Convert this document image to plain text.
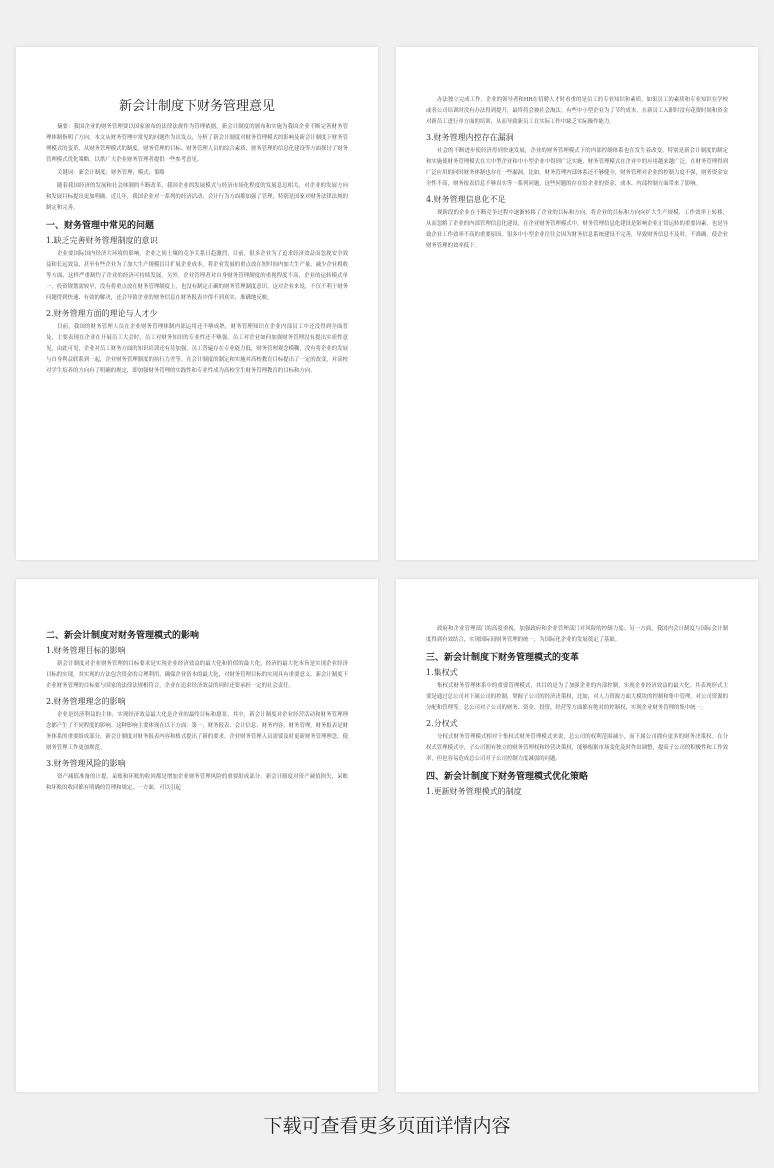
新会计制度下财务管理意见
摘要：我国企业的财务管理要以国家颁布的法律法规作为管理依据，新会计制度的颁布和实施为我国企业不断完善财务管理体制指明了方向。本文从财务管理中常见的问题作为出发点，分析了新会计制度对财务管理模式的影响及新会计制度下财务管理模式的变革，从财务管理模式的制度、财务管理的目标、财务管理人员的综合素质、财务管理的信息化建设等方面探讨了财务管理模式优化策略，以供广大企业财务管理者提供一些参考意见。
关键词：新会计制度；财务管理；模式；策略
随着我国经济的发展和社会体制的不断改革，我国企业的发展模式与经济市场化程度的发展息息相关，对企业的发展方向和发展目标提出更加明确。近几年，我国企业对一系列的经济活动、会计行为方面都加强了管理，特别是国家对财务法律法规的制定和完善。
一、财务管理中常见的问题
1.缺乏完善财务管理制度的意识
企业要国际国内经济大环境的影响，企业之间土壤的竞争关系日趋激烈，目前，很多企业为了追求经济效益而忽视安全效益和长远效益，甚至有些企业为了加大生产规模盲目扩展企业成本，将企业发展的重点放在短时间内加大生产量、减少企业税收等方面，这样严重制约了企业的经济可持续发展，另外，企业管理者对自身财务管理制度的重视程度不高，企业的运转模式单一，投资规划需较早，没有将重点放在财务管理制度上，也没有制定正确的财务管理制度意识，这对企业来说，不仅不利于财务问题得到快速、有效的解决，还会导致企业的财务信息在财务报表中得不到真实、准确地反映。
2.财务管理方面的理论与人才少
目前，我国的财务管理人员在企业财务管理体制内部运用还不够成熟，财务管理知识在企业内部员工中还没得到全面普及，主要表现在企业在开展员工大会时，员工对财务知识的专业性还不够强，员工对企业如何加强财务管理没有提出实质性意见，由此可见，企业对员工财务方面的知识培训还有待加强，员工普遍存在专业能力低，财务管理观念模糊，没有将企业的发展与自身利益联系到一起，企业财务管理制度的执行力差等。在会计制度的制定和实施对高校教育目标提出了一定的改变，对高校对学生培养的方向有了明确的规定，即加强财务管理的实践性和专业性成为高校学生财务管理教育的目标和方向。
办法独立完成工作，企业的领导者和HR在招聘人才时看重的是员工的专业知识和素质，如果员工的素质和专业知识在学校或者公司培训时没有办法得到提升，最终将会被社会淘汰。有些中小型企业为了节约成本，在新员工入职时没有花费时间和资金对新员工进行单方面的培训，从而导致新员工在实际工作中缺乏实际操作能力。
3.财务管理内控存在漏洞
社会的不断进步使经济得到快速发展，企业的财务管理模式下的内部控制体系也在发生着改变，特别是新会计制度的制定和实施使财务管理模式在大中型企业和中小型企业中得到广泛实施，财务管理模式在企业中的应用越来越广泛。在财务管理得到广泛应用的同时财务体制也存在一些漏洞，比如，财务管理内部体系还不够健全，财务管理对企业的控制力度不强，财务资金安全性不高，财务报表信息不够真实等一系列问题，这些问题的存在给企业的资金、成本、内部控制方面带来了影响。
4.财务管理信息化不足
现阶段的企业在不断竞争过程中逐渐转移了企业的目标和方向，将企业的目标和方向向扩大生产规模、工作效率上转移，从而忽略了企业的内部管理信息化建设，在企业财务管理模式中，财务管理信息化建设是影响企业正常运转的重要因素，也是导致企业工作效率不高的重要原因。很多中小型企业往往会因为财务信息系统建设不完善，导致财务信息不及时、不准确，使企业财务管理的效率低下。
二、新会计制度对财务管理模式的影响
1.财务管理目标的影响
新会计制度对企业财务管理的目标要求是实现企业经济效益的最大化和价值的最大化，经济的最大化本旨是实现企业经济目标的实现，其实现的方法包含资金的合理利用，确保企业资本的最大化，对财务管理目标的实现具有重要意义。新会计制度下企业财务管理的目标要与国家的法律法规相符合，企业在追求经济效益的同时还要承担一定的社会责任。
2.财务管理理念的影响
企业是经济利益的主体，实现经济效益最大化是企业的最终目标和愿景。其中，新会计制度对企业经营活动和财务管理理念都产生了不同程度的影响。这种影响主要体现在以下方面：第一，财务报表、会计信息、财务内容、财务管理。财务报表是财务体系的重要组成部分，新会计制度对财务报表内容和格式提出了新的要求，企业财务管理人员需要及时更新财务管理理念，使财务管理工作更加规范。
3.财务管理风险的影响
资产减值准备的计提、呆账和坏账的收回都是增加企业财务管理风险的重要组成部分。新会计制度对资产减值损失、呆账和坏账的收回都有明确的管理和规定，一方面，可以引起
政府和企业管理部门的高度重视，加强政府和企业管理部门对风险的控制力度；另一方面，我国内会计制度与国际会计制度得到有效结合，实现国际间财务管理的统一，为国际化企业的发展奠定了基础。
三、新会计制度下财务管理模式的变革
1.集权式
集权式财务管理体系中的重要管理模式，其目的是为了加强企业的内部控制，实现企业经济效益的最大化。其表现形式主要是通过总公司对下属公司的控制，掌握子公司的经济决策权，比如，对人力资源方面大模块的控制和集中管理，对公司资源的分配和管理等。总公司对子公司的财务、资金、投资、经营等方面都有绝对的控制权，实现企业财务管理的集中统一。
2.分权式
分权式财务管理模式相对于集权式财务管理模式来说，总公司的权利范围减小，而下属公司拥有更多的财务决策权。在分权式管理模式中，子公司拥有独立的财务管理权和经营决策权，能够根据市场变化及时作出调整，提高子公司的积极性和工作效率，但也容易造成总公司对子公司控制力度减弱的问题。
四、新会计制度下财务管理模式优化策略
1.更新财务管理模式的制度
下载可查看更多页面详情内容
